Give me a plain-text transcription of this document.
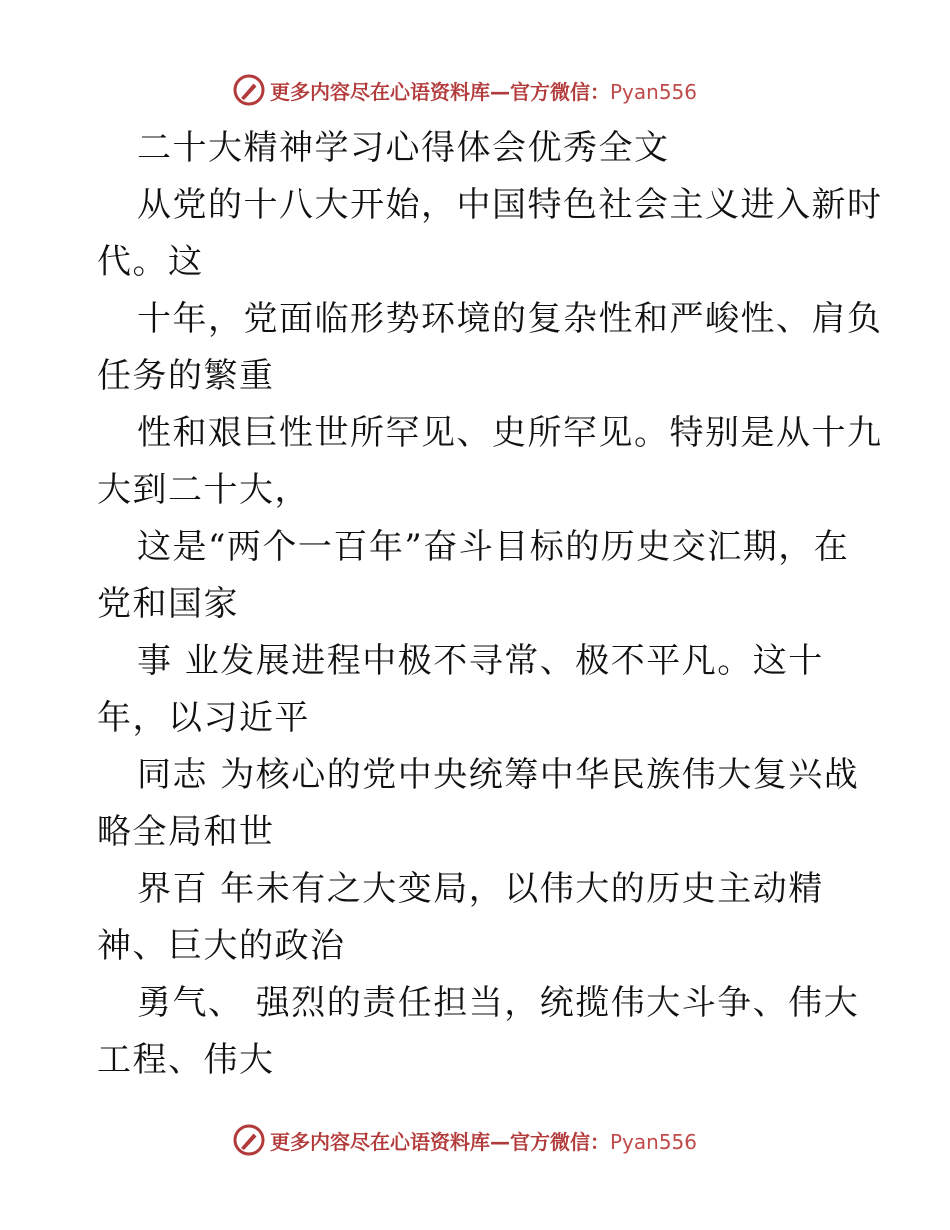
更多内容尽在心语资料库—官方微信：Pyan556
二十大精神学习心得体会优秀全文
从党的十八大开始，中国特色社会主义进入新时
代。这
十年，党面临形势环境的复杂性和严峻性、肩负
任务的繁重
性和艰巨性世所罕见、史所罕见。特别是从十九
大到二十大，
这是“两个一百年”奋斗目标的历史交汇期，在
党和国家
事 业发展进程中极不寻常、极不平凡。这十
年，以习近平
同志 为核心的党中央统筹中华民族伟大复兴战
略全局和世
界百 年未有之大变局，以伟大的历史主动精
神、巨大的政治
勇气、 强烈的责任担当，统揽伟大斗争、伟大
工程、伟大
更多内容尽在心语资料库—官方微信：Pyan556
